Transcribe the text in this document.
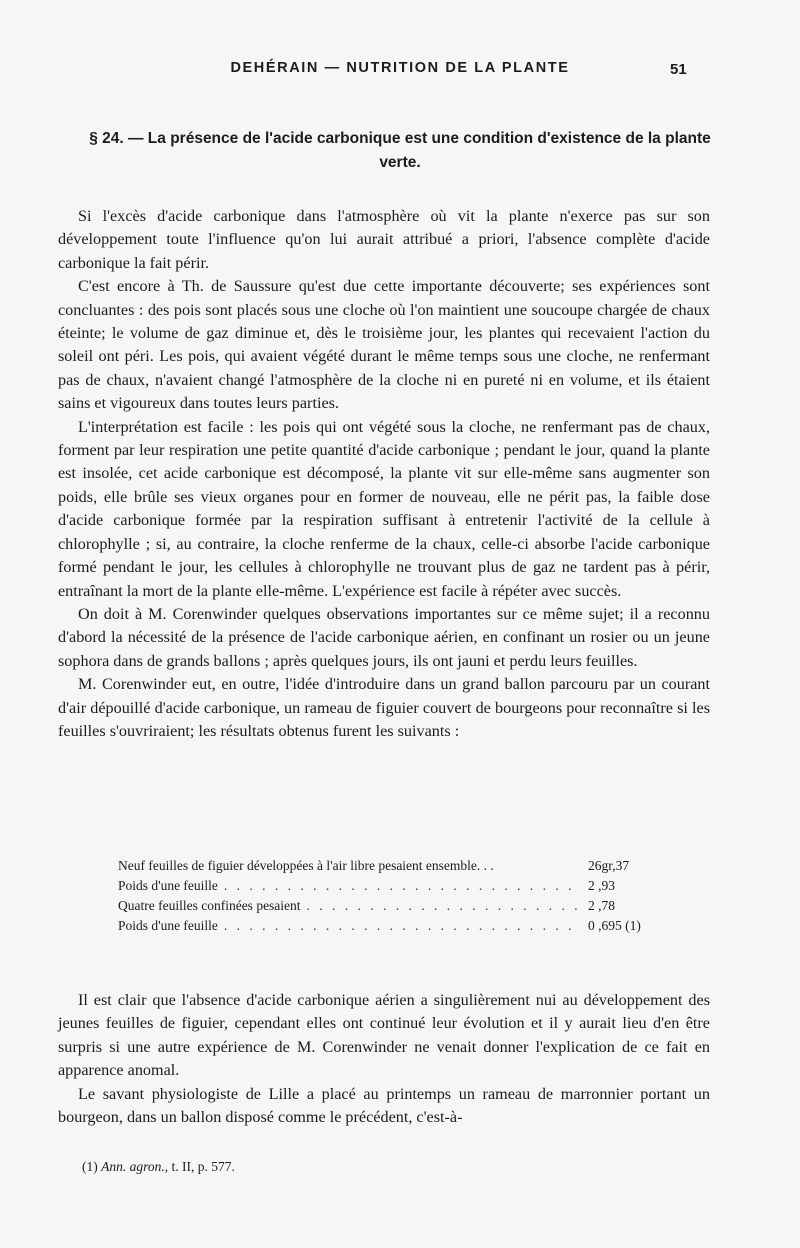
DEHÉRAIN — NUTRITION DE LA PLANTE	51
§ 24. — La présence de l'acide carbonique est une condition d'existence de la plante verte.

Si l'excès d'acide carbonique dans l'atmosphère où vit la plante n'exerce pas sur son développement toute l'influence qu'on lui aurait attribué a priori, l'absence complète d'acide carbonique la fait périr.

C'est encore à Th. de Saussure qu'est due cette importante découverte; ses expériences sont concluantes : des pois sont placés sous une cloche où l'on maintient une soucoupe chargée de chaux éteinte; le volume de gaz diminue et, dès le troisième jour, les plantes qui recevaient l'action du soleil ont péri. Les pois, qui avaient végété durant le même temps sous une cloche, ne renfermant pas de chaux, n'avaient changé l'atmosphère de la cloche ni en pureté ni en volume, et ils étaient sains et vigoureux dans toutes leurs parties.

L'interprétation est facile : les pois qui ont végété sous la cloche, ne renfermant pas de chaux, forment par leur respiration une petite quantité d'acide carbonique ; pendant le jour, quand la plante est insolée, cet acide carbonique est décomposé, la plante vit sur elle-même sans augmenter son poids, elle brûle ses vieux organes pour en former de nouveau, elle ne périt pas, la faible dose d'acide carbonique formée par la respiration suffisant à entretenir l'activité de la cellule à chlorophylle ; si, au contraire, la cloche renferme de la chaux, celle-ci absorbe l'acide carbonique formé pendant le jour, les cellules à chlorophylle ne trouvant plus de gaz ne tardent pas à périr, entraînant la mort de la plante elle-même. L'expérience est facile à répéter avec succès.

On doit à M. Corenwinder quelques observations importantes sur ce même sujet; il a reconnu d'abord la nécessité de la présence de l'acide carbonique aérien, en confinant un rosier ou un jeune sophora dans de grands ballons ; après quelques jours, ils ont jauni et perdu leurs feuilles.

M. Corenwinder eut, en outre, l'idée d'introduire dans un grand ballon parcouru par un courant d'air dépouillé d'acide carbonique, un rameau de figuier couvert de bourgeons pour reconnaître si les feuilles s'ouvriraient; les résultats obtenus furent les suivants :

Neuf feuilles de figuier développées à l'air libre pesaient ensemble. . .	26gr,37
Poids d'une feuille . . .	2 ,93
Quatre feuilles confinées pesaient . . .	2 ,78
Poids d'une feuille . . .	0 ,695 (1)

Il est clair que l'absence d'acide carbonique aérien a singulièrement nui au développement des jeunes feuilles de figuier, cependant elles ont continué leur évolution et il y aurait lieu d'en être surpris si une autre expérience de M. Corenwinder ne venait donner l'explication de ce fait en apparence anomal.

Le savant physiologiste de Lille a placé au printemps un rameau de marronnier portant un bourgeon, dans un ballon disposé comme le précédent, c'est-à-

(1) Ann. agron., t. II, p. 577.
